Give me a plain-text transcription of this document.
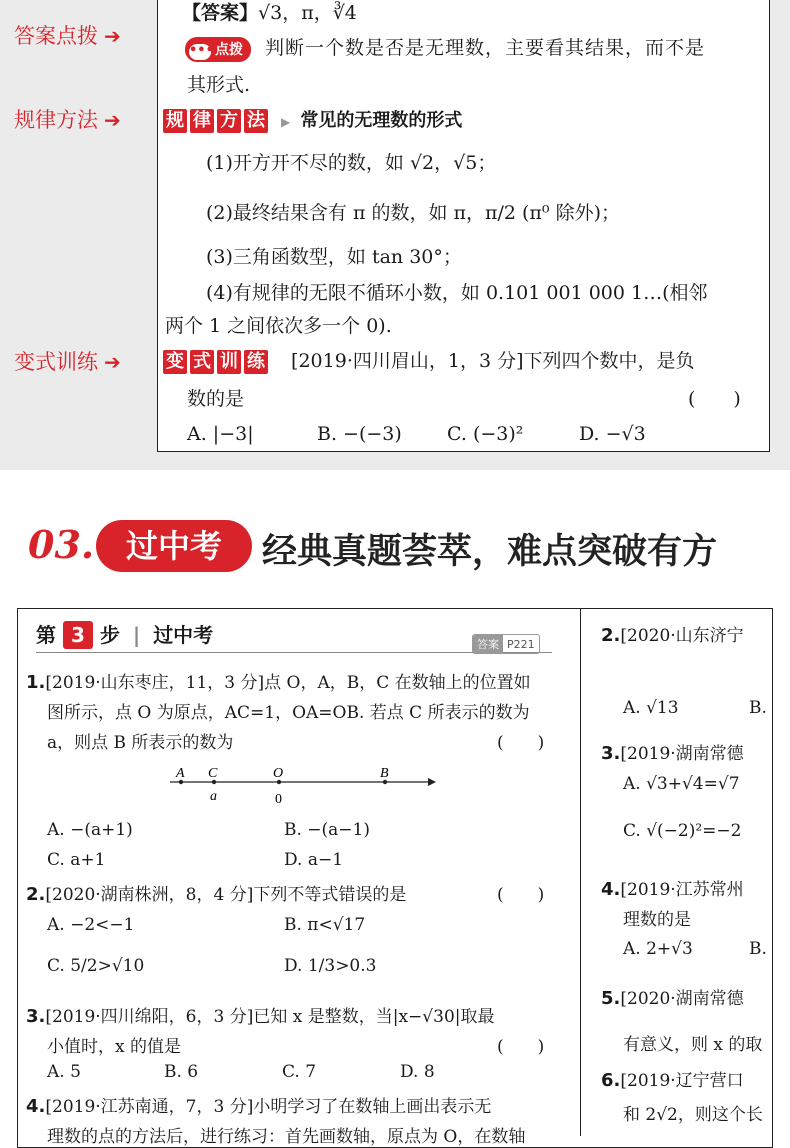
答案点拨 ➔
规律方法 ➔
变式训练 ➔
【答案】√3，π，∛4
•••点拨 判断一个数是否是无理数，主要看其结果，而不是
其形式.
规 律 方 法 ▶ 常见的无理数的形式
(1)开方开不尽的数，如 √2，√5；
(2)最终结果含有 π 的数，如 π，π/2 (π⁰ 除外)；
(3)三角函数型，如 tan 30°；
(4)有规律的无限不循环小数，如 0.101 001 000 1…(相邻
两个 1 之间依次多一个 0).
变 式 训 练 [2019·四川眉山，1，3 分]下列四个数中，是负
数的是	(　　)
A. |−3|	B. −(−3) C. (−3)²	D. −√3
03. 过中考	经典真题荟萃，难点突破有方
第 3 步 | 过中考	答案 P221
1.[2019·山东枣庄，11，3 分]点 O，A，B，C 在数轴上的位置如
图所示，点 O 为原点，AC=1，OA=OB. 若点 C 所表示的数为
a，则点 B 所表示的数为	(　　)
A C	O	B
a	0
A. −(a+1)	B. −(a−1)
C. a+1	D. a−1
2.[2020·湖南株洲，8，4 分]下列不等式错误的是	(　　)
A. −2<−1	B. π<√17
C. 5/2>√10	D. 1/3>0.3
3.[2019·四川绵阳，6，3 分]已知 x 是整数，当|x−√30|取最
小值时，x 的值是	(　　)
A. 5	B. 6	C. 7	D. 8
4.[2019·江苏南通，7，3 分]小明学习了在数轴上画出表示无
理数的点的方法后，进行练习：首先画数轴，原点为 O，在数轴
2.[2020·山东济宁
A. √13	B.
3.[2019·湖南常德
A. √3+√4=√7
C. √(−2)²=−2
4.[2019·江苏常州
理数的是
A. 2+√3	B.
5.[2020·湖南常德
有意义，则 x 的取
6.[2019·辽宁营口
和 2√2，则这个长
